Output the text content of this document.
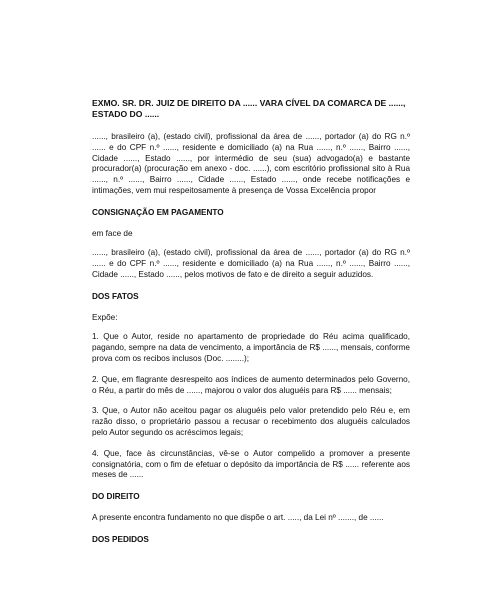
EXMO. SR. DR. JUIZ DE DIREITO DA ...... VARA CÍVEL DA COMARCA DE ......, ESTADO DO ......

......, brasileiro (a), (estado civil), profissional da área de ......, portador (a) do RG n.º ...... e do CPF n.º ......, residente e domiciliado (a) na Rua ......, n.º ......, Bairro ......, Cidade ......, Estado ......, por intermédio de seu (sua) advogado(a) e bastante procurador(a) (procuração em anexo - doc. ......), com escritório profissional sito à Rua ......, n.º ......, Bairro ......, Cidade ......, Estado ......, onde recebe notificações e intimações, vem mui respeitosamente à presença de Vossa Excelência propor

CONSIGNAÇÃO EM PAGAMENTO

em face de

......, brasileiro (a), (estado civil), profissional da área de ......, portador (a) do RG n.º ...... e do CPF n.º ......, residente e domiciliado (a) na Rua ......, n.º ......, Bairro ......, Cidade ......, Estado ......, pelos motivos de fato e de direito a seguir aduzidos.

DOS FATOS

Expõe:

1. Que o Autor, reside no apartamento de propriedade do Réu acima qualificado, pagando, sempre na data de vencimento, a importância de R$ ......, mensais, conforme prova com os recibos inclusos (Doc. ........);

2. Que, em flagrante desrespeito aos índices de aumento determinados pelo Governo, o Réu, a partir do mês de ......, majorou o valor dos aluguéis para R$ ...... mensais;

3. Que, o Autor não aceitou pagar os aluguéis pelo valor pretendido pelo Réu e, em razão disso, o proprietário passou a recusar o recebimento dos aluguéis calculados pelo Autor segundo os acréscimos legais;

4. Que, face às circunstâncias, vê-se o Autor compelido a promover a presente consignatória, com o fim de efetuar o depósito da importância de R$ ...... referente aos meses de ......

DO DIREITO

A presente encontra fundamento no que dispõe o art. ....., da Lei nº ......., de ......

DOS PEDIDOS
